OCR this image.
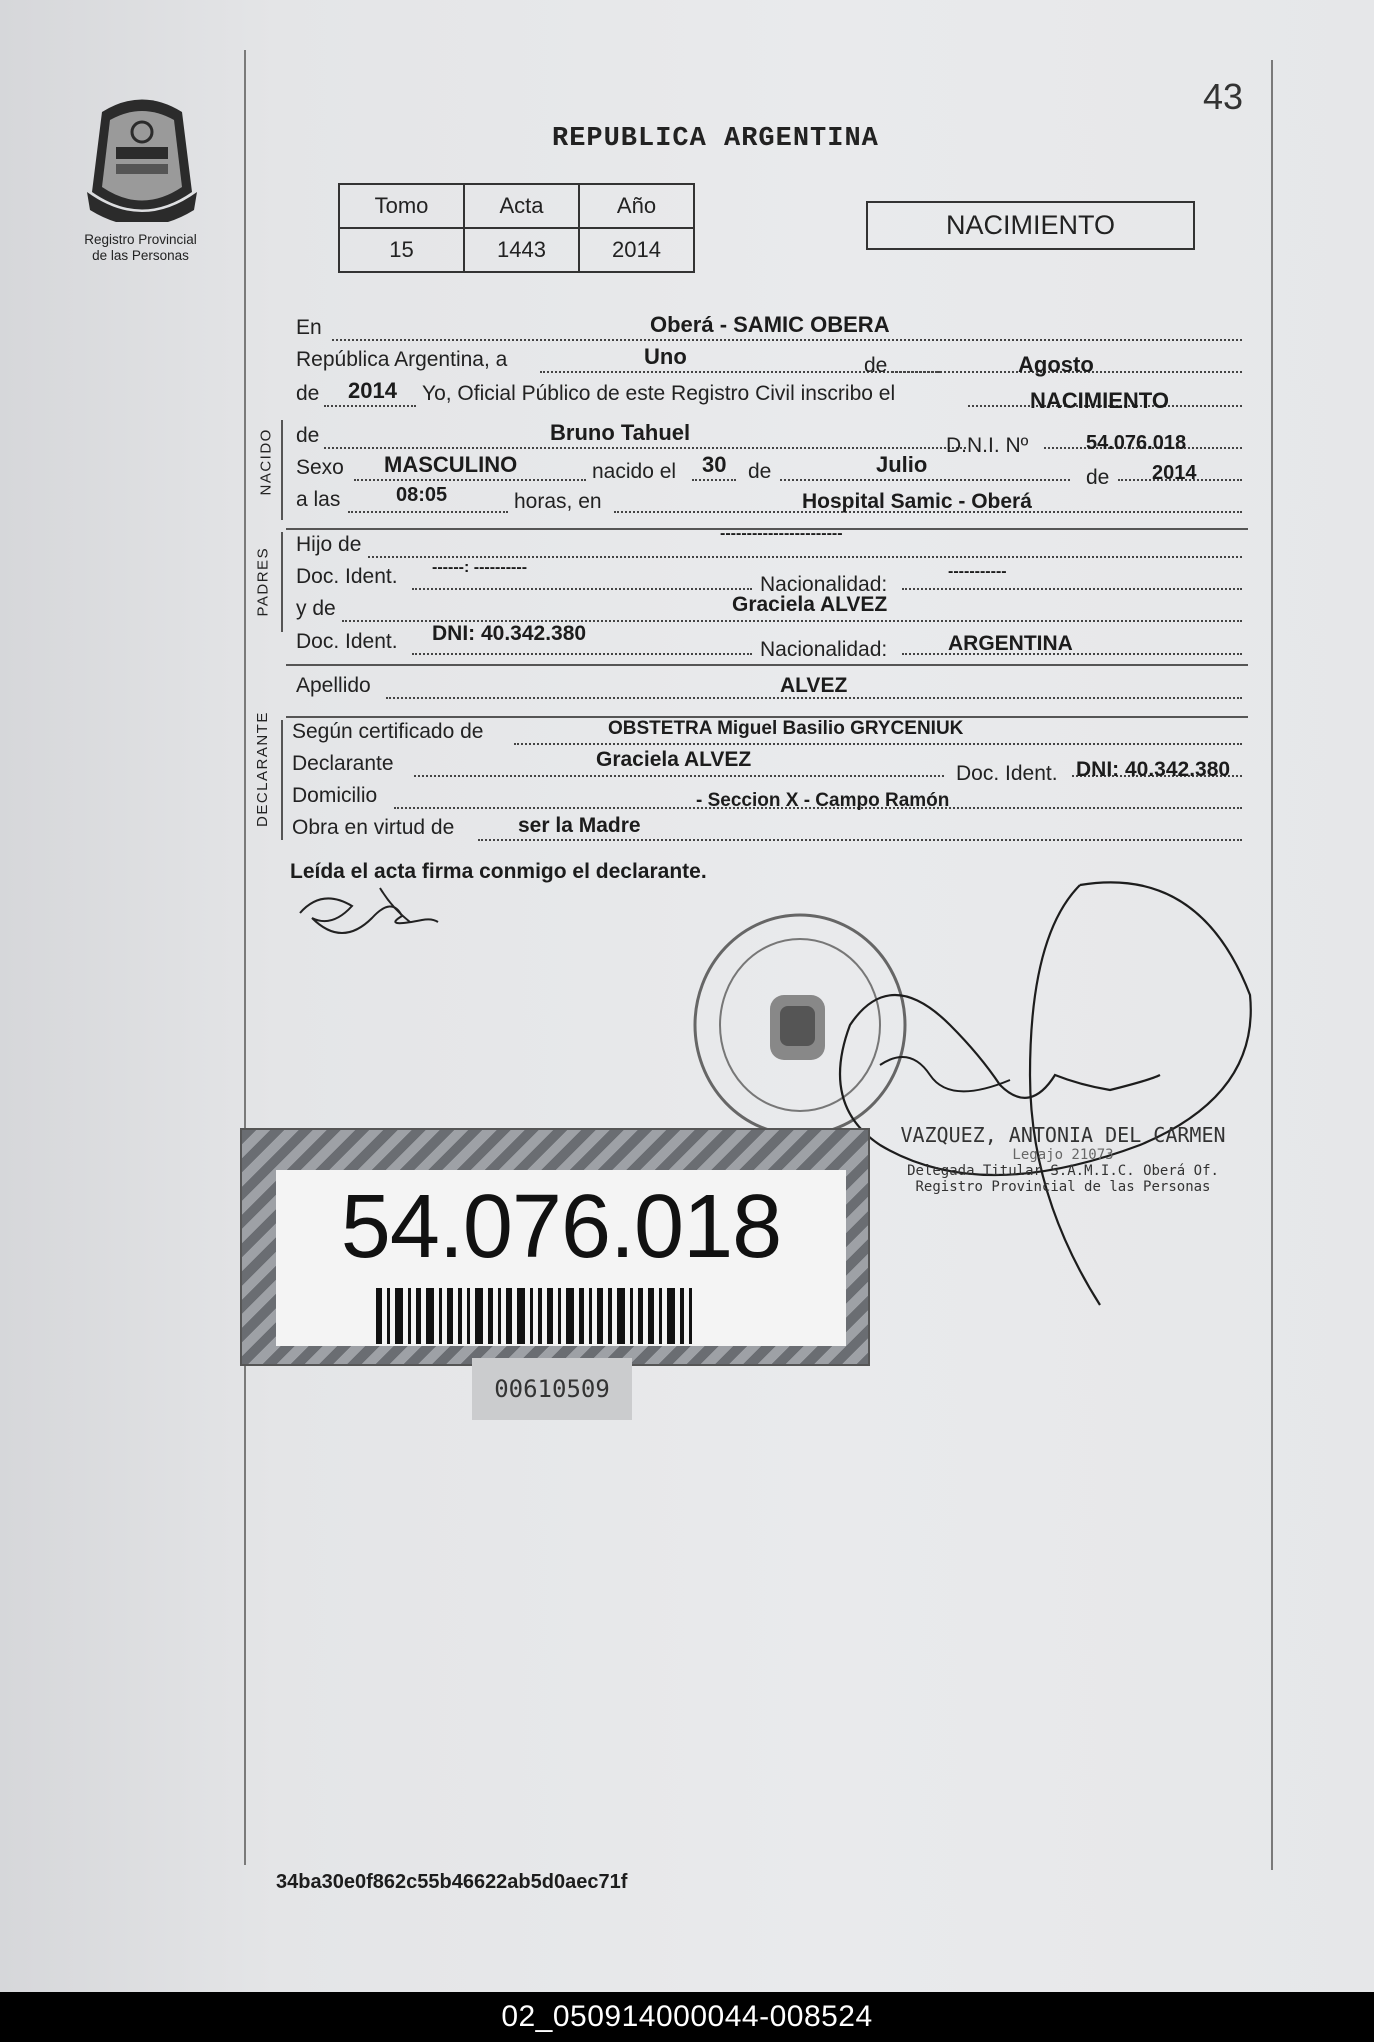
Registro Provincial
de las Personas
43
REPUBLICA ARGENTINA
Tomo	Acta	Año
15	1443	2014
NACIMIENTO
NACIDO
PADRES
DECLARANTE
En	Oberá - SAMIC OBERA
República Argentina, a	Uno	de	Agosto
de 2014 Yo, Oficial Público de este Registro Civil inscribo el	NACIMIENTO
de	Bruno Tahuel
D.N.I. Nº	54.076.018
Sexo MASCULINO	nacido el 30 de	Julio
de 2014
a las	08:05	horas, en	Hospital Samic - Oberá
Hijo de	-----------------------
Doc. Ident. ------: ----------
Nacionalidad:
-----------
y de	Graciela ALVEZ
Doc. Ident. DNI: 40.342.380
Nacionalidad:	ARGENTINA
Apellido	ALVEZ
Según certificado de	OBSTETRA Miguel Basilio GRYCENIUK
Declarante	Graciela ALVEZ
Doc. Ident. DNI: 40.342.380
Domicilio	- Seccion X - Campo Ramón
Obra en virtud de	ser la Madre
Leída el acta firma conmigo el declarante.
VAZQUEZ, ANTONIA DEL CARMEN
Legajo 21073
Delegada Titular S.A.M.I.C. Oberá Of.
Registro Provincial de las Personas
54.076.018
00610509
34ba30e0f862c55b46622ab5d0aec71f
02_050914000044-008524
